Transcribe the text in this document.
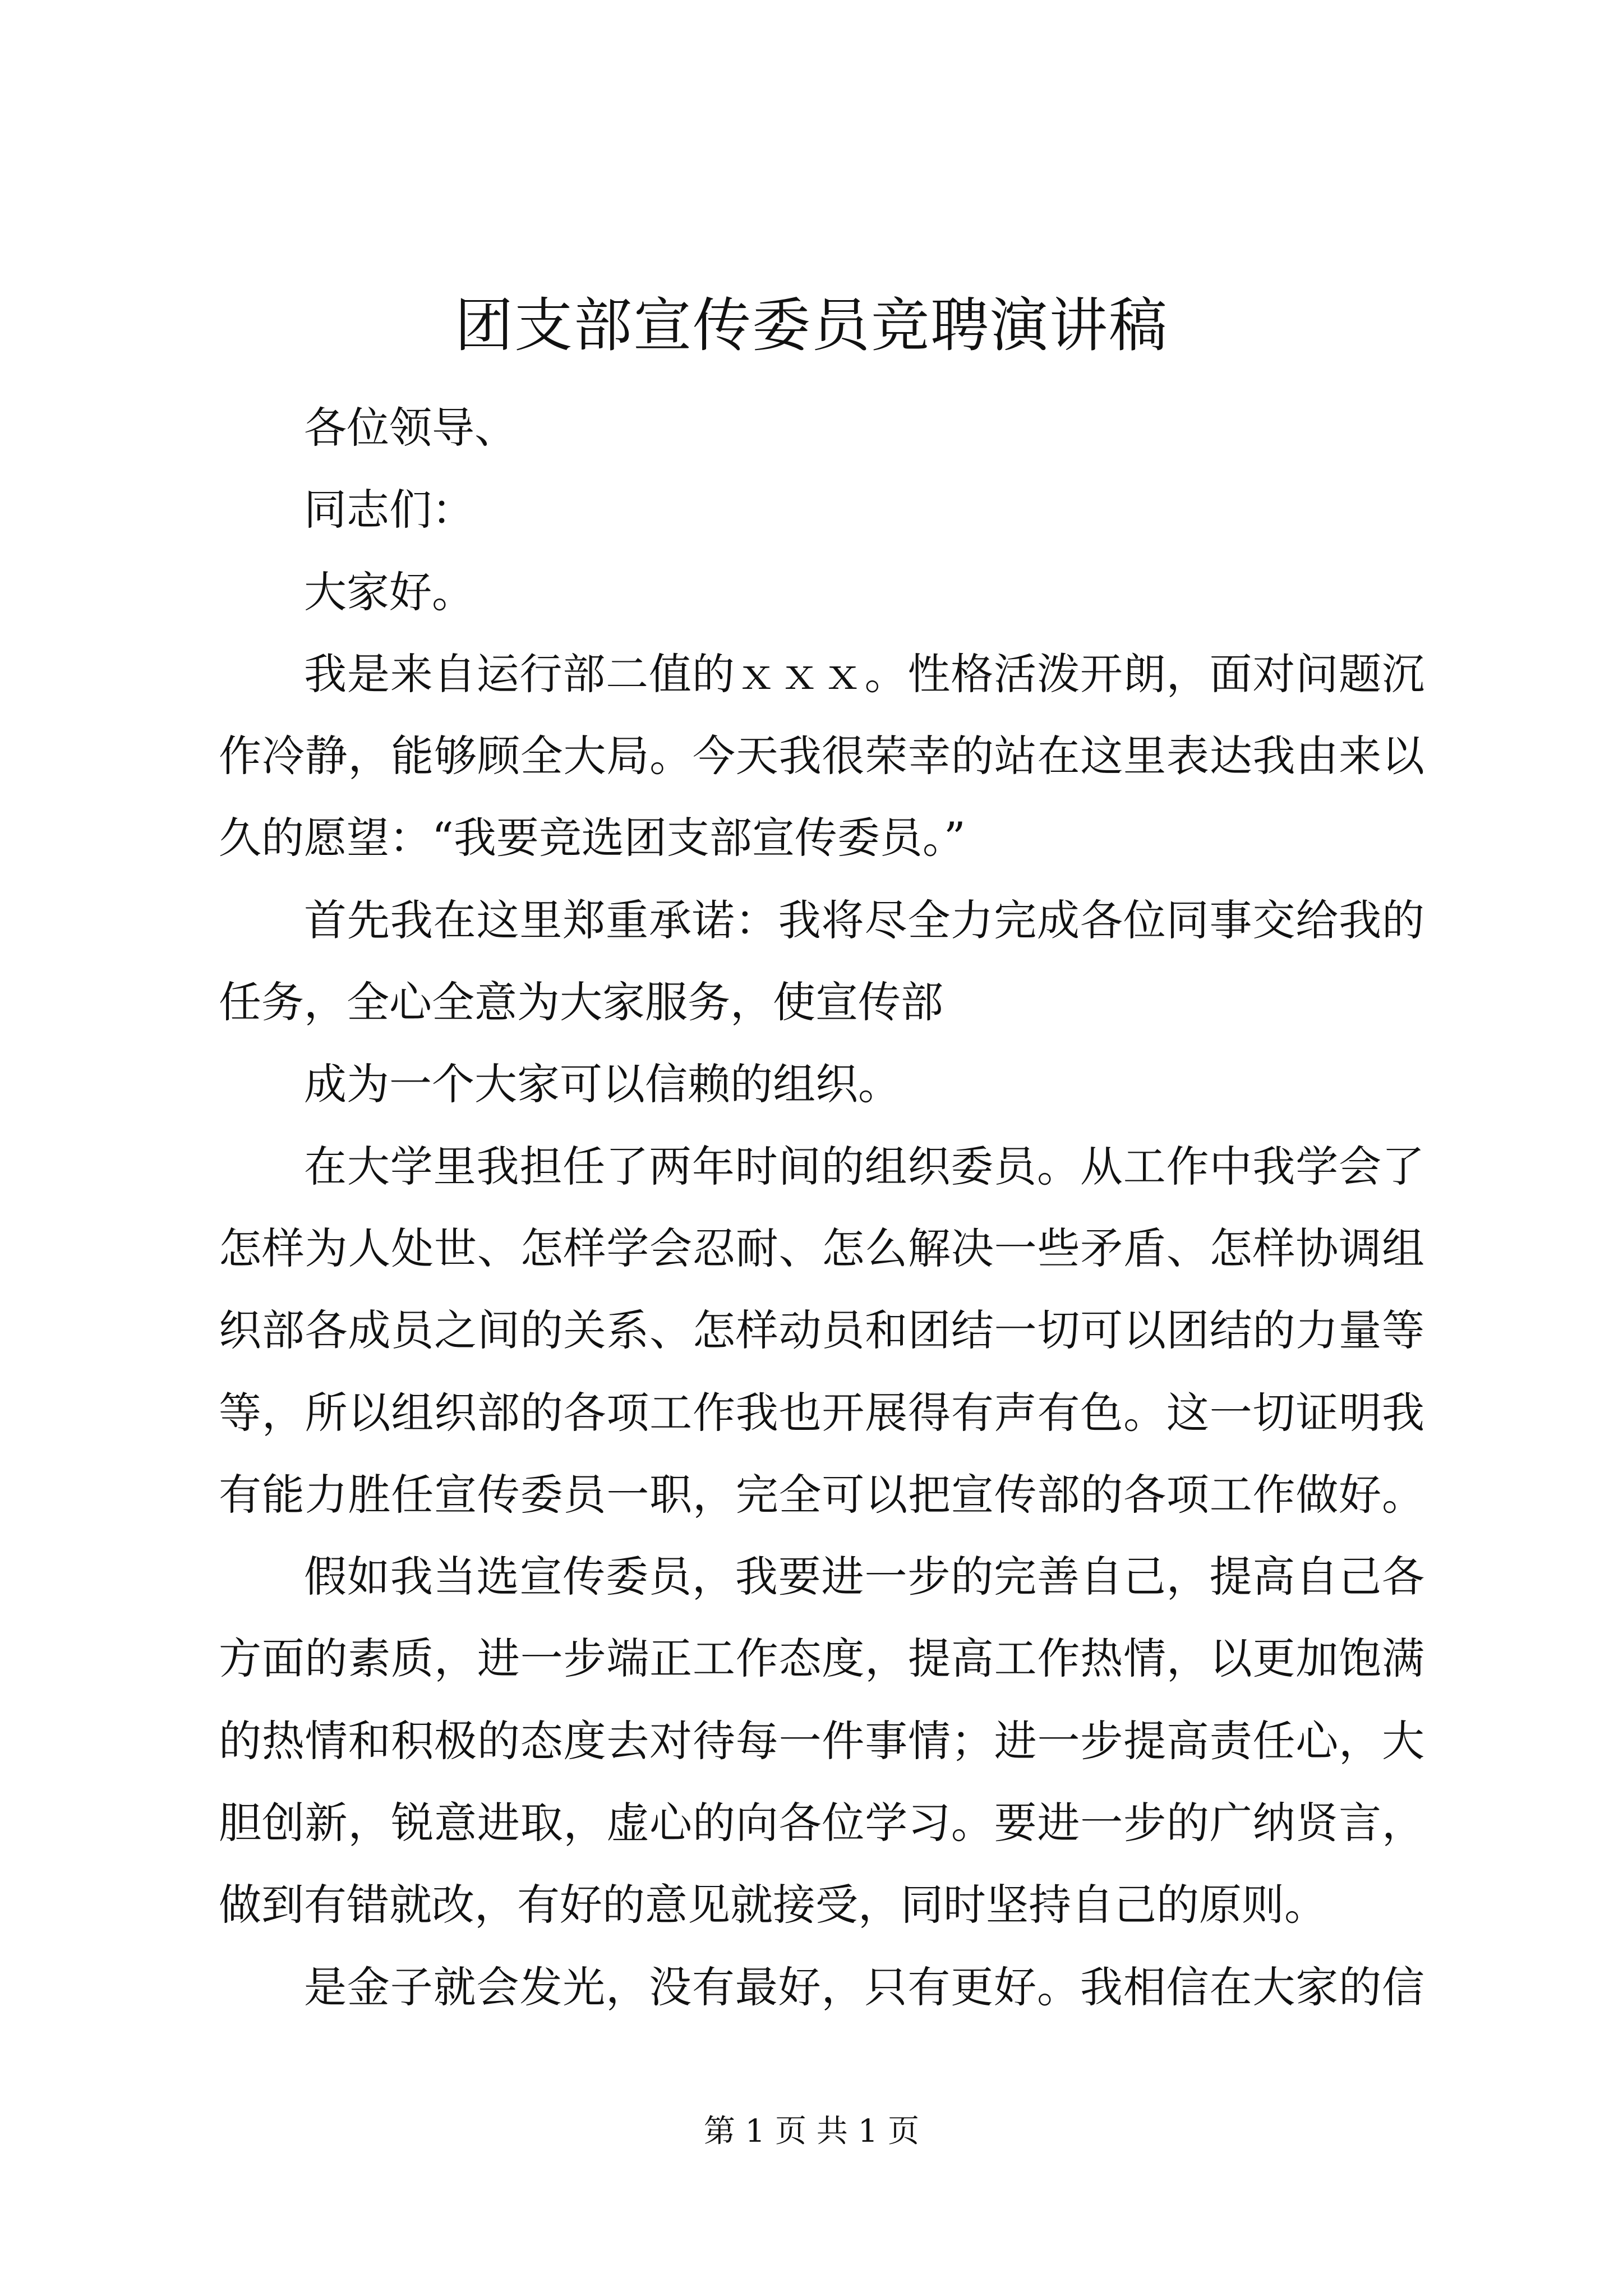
团支部宣传委员竞聘演讲稿
各位领导、
同志们：
大家好。
我是来自运行部二值的ｘｘｘ。性格活泼开朗，面对问题沉
作冷静，能够顾全大局。今天我很荣幸的站在这里表达我由来以
久的愿望：“我要竞选团支部宣传委员。”
首先我在这里郑重承诺：我将尽全力完成各位同事交给我的
任务，全心全意为大家服务，使宣传部
成为一个大家可以信赖的组织。
在大学里我担任了两年时间的组织委员。从工作中我学会了
怎样为人处世、怎样学会忍耐、怎么解决一些矛盾、怎样协调组
织部各成员之间的关系、怎样动员和团结一切可以团结的力量等
等，所以组织部的各项工作我也开展得有声有色。这一切证明我
有能力胜任宣传委员一职，完全可以把宣传部的各项工作做好。
假如我当选宣传委员，我要进一步的完善自己，提高自己各
方面的素质，进一步端正工作态度，提高工作热情，以更加饱满
的热情和积极的态度去对待每一件事情；进一步提高责任心，大
胆创新，锐意进取，虚心的向各位学习。要进一步的广纳贤言，
做到有错就改，有好的意见就接受，同时坚持自己的原则。
是金子就会发光，没有最好，只有更好。我相信在大家的信
第 1 页 共 1 页
